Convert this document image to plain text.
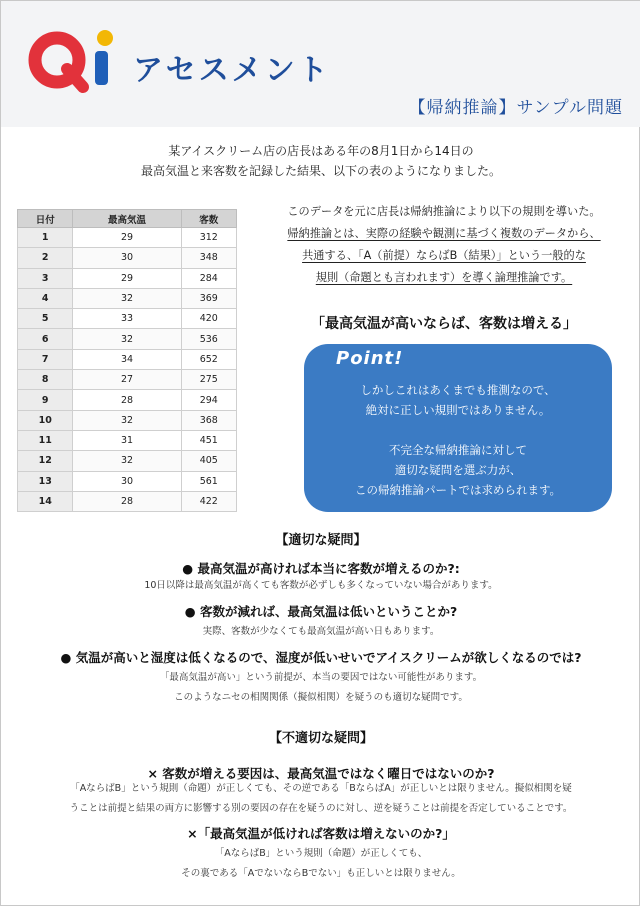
アセスメント
【帰納推論】サンプル問題
某アイスクリーム店の店長はある年の8月1日から14日の
最高気温と来客数を記録した結果、以下の表のようになりました。
日付	最高気温	客数
1	29	312
2	30	348
3	29	284
4	32	369
5	33	420
6	32	536
7	34	652
8	27	275
9	28	294
10	32	368
11	31	451
12	32	405
13	30	561
14	28	422
このデータを元に店長は帰納推論により以下の規則を導いた。
帰納推論とは、実際の経験や観測に基づく複数のデータから、
共通する、「A（前提）ならばB（結果）」という一般的な
規則（命題とも言われます）を導く論理推論です。
「最高気温が高いならば、客数は増える」
Point!
しかしこれはあくまでも推測なので、
絶対に正しい規則ではありません。
不完全な帰納推論に対して
適切な疑問を選ぶ力が、
この帰納推論パートでは求められます。
【適切な疑問】
● 最高気温が高ければ本当に客数が増えるのか?:
10日以降は最高気温が高くても客数が必ずしも多くなっていない場合があります。
● 客数が減れば、最高気温は低いということか?
実際、客数が少なくても最高気温が高い日もあります。
● 気温が高いと湿度は低くなるので、湿度が低いせいでアイスクリームが欲しくなるのでは?
「最高気温が高い」という前提が、本当の要因ではない可能性があります。
このようなニセの相関関係（擬似相関）を疑うのも適切な疑問です。
【不適切な疑問】
× 客数が増える要因は、最高気温ではなく曜日ではないのか?
「AならばB」という規則（命題）が正しくても、その逆である「BならばA」が正しいとは限りません。擬似相関を疑
うことは前提と結果の両方に影響する別の要因の存在を疑うのに対し、逆を疑うことは前提を否定していることです。
×「最高気温が低ければ客数は増えないのか?」
「AならばB」という規則（命題）が正しくても、
その裏である「AでないならBでない」も正しいとは限りません。
